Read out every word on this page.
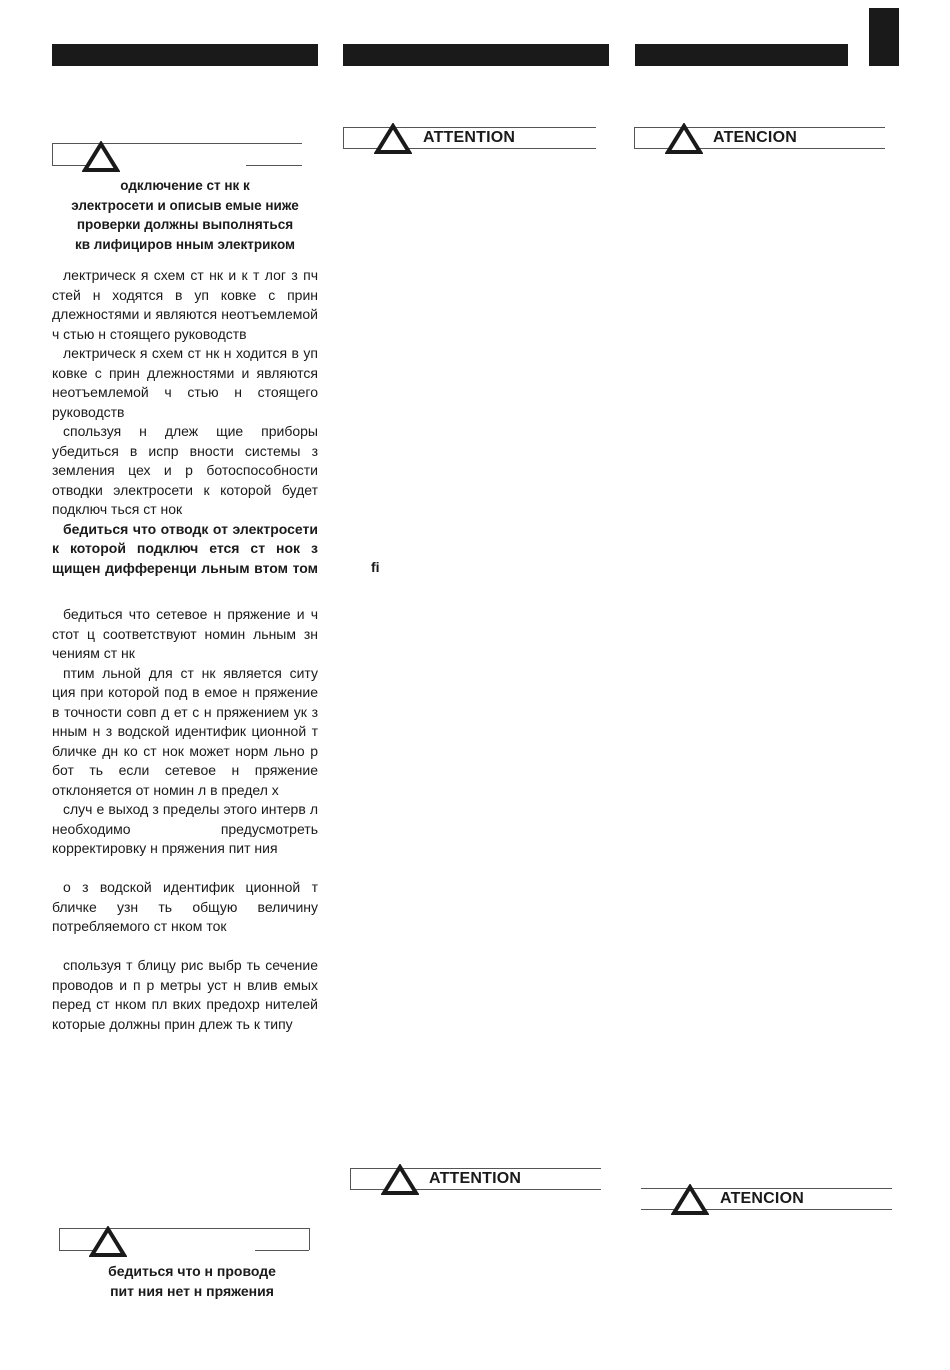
одключение ст нк к
электросети и описыв емые ниже
проверки должны выполняться
кв лифициров нным электриком

лектрическ я схем ст нк и к т лог з пч стей н ходятся в уп ковке с прин длежностями и являются неотъемлемой ч стью н стоящего руководств

лектрическ я схем ст нк н ходится в уп ковке с прин длежностями и являются неотъемлемой ч стью н стоящего руководств

спользуя н длеж щие приборы убедиться в испр вности системы з земления цех и р ботоспособности отводки электросети к которой будет подключ ться ст нок

бедиться что отводк от электросети к которой подключ ется ст нок з щищен дифференци льным втом том

бедиться что сетевое н пряжение и ч стот ц соответствуют номин льным зн чениям ст нк

птим льной для ст нк является ситу ция при которой под в емое н пряжение в точности совп д ет с н пряжением ук з нным н з водской идентифик ционной т бличке дн ко ст нок может норм льно р бот ть если сетевое н пряжение отклоняется от номин л в предел х

случ е выход з пределы этого интерв л необходимо предусмотреть корректировку н пряжения пит ния

о з водской идентифик ционной т бличке узн ть общую величину потребляемого ст нком ток

спользуя т блицу рис выбр ть сечение проводов и п р метры уст н влив емых перед ст нком пл вких предохр нителей которые должны прин длеж ть к типу

бедиться что н проводе
пит ния нет н пряжения
ATTENTION
fi
ATTENTION
ATENCION
ATENCION
